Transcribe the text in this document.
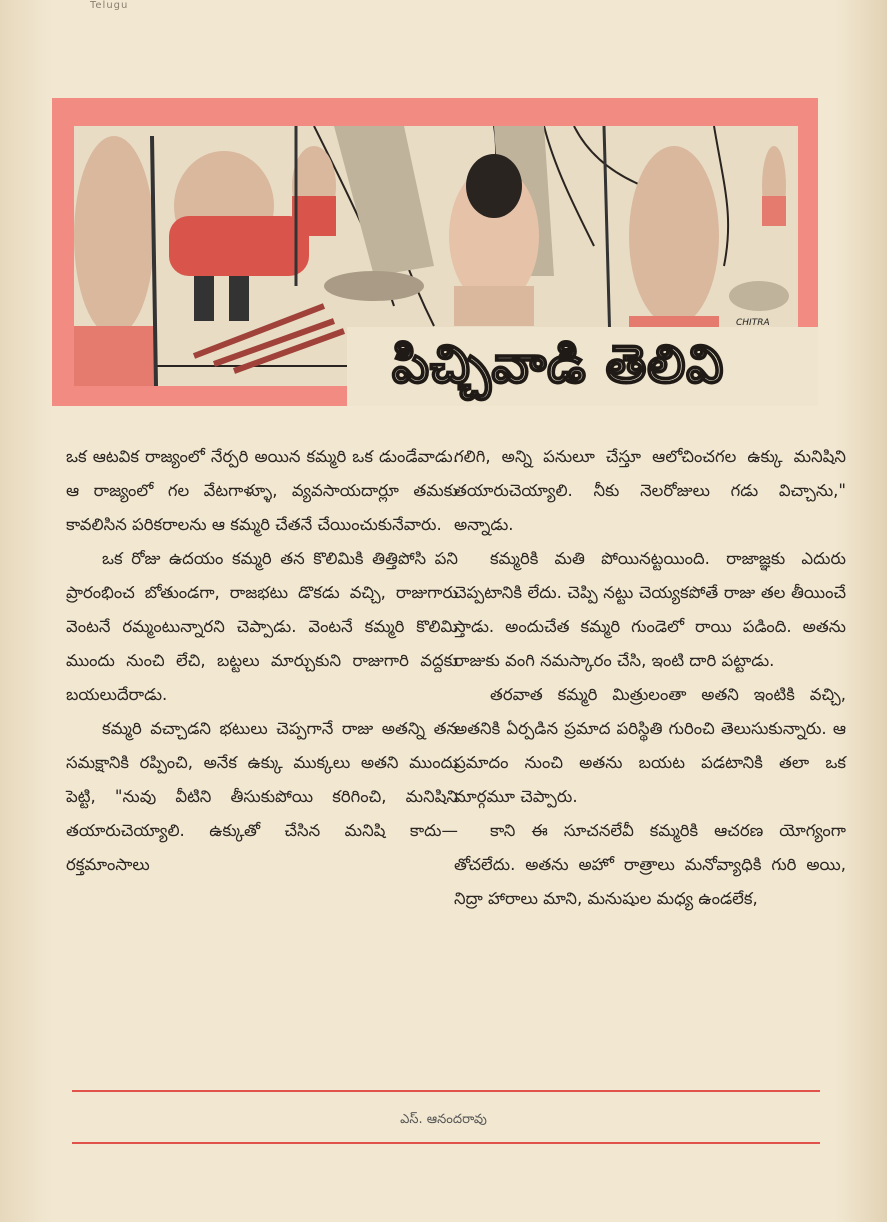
Telugu
పిచ్చివాడి తెలివి
CHITRA

ఒక ఆటవిక రాజ్యంలో నేర్పరి అయిన కమ్మరి ఒక డుండేవాడు. ఆ రాజ్యంలో గల వేటగాళ్ళూ, వ్యవసాయదార్లూ తమకు కావలిసిన పరికరాలను ఆ కమ్మరి చేతనే చేయించుకునేవారు.

ఒక రోజు ఉదయం కమ్మరి తన కొలిమికి తిత్తిపోసి పని ప్రారంభించ బోతుండగా, రాజభటు డొకడు వచ్చి, రాజుగారు వెంటనే రమ్మంటున్నారని చెప్పాడు. వెంటనే కమ్మరి కొలిమి ముందు నుంచి లేచి, బట్టలు మార్చుకుని రాజుగారి వద్దకు బయలుదేరాడు.

కమ్మరి వచ్చాడని భటులు చెప్పగానే రాజు అతన్ని తన సమక్షానికి రప్పించి, అనేక ఉక్కు ముక్కలు అతని ముందు పెట్టి, "నువు వీటిని తీసుకుపోయి కరిగించి, మనిషిని తయారుచెయ్యాలి. ఉక్కుతో చేసిన మనిషి కాదు—రక్తమాంసాలు

గలిగి, అన్ని పనులూ చేస్తూ ఆలోచించగల ఉక్కు మనిషిని తయారుచెయ్యాలి. నీకు నెలరోజులు గడు విచ్చాను," అన్నాడు.

కమ్మరికి మతి పోయినట్టయింది. రాజాజ్ఞకు ఎదురు చెప్పటానికి లేదు. చెప్పి నట్టు చెయ్యకపోతే రాజు తల తీయించే స్తాడు. అందుచేత కమ్మరి గుండెలో రాయి పడింది. అతను రాజుకు వంగి నమస్కారం చేసి, ఇంటి దారి పట్టాడు.

తరవాత కమ్మరి మిత్రులంతా అతని ఇంటికి వచ్చి, అతనికి ఏర్పడిన ప్రమాద పరిస్థితి గురించి తెలుసుకున్నారు. ఆ ప్రమాదం నుంచి అతను బయట పడటానికి తలా ఒక మార్గమూ చెప్పారు.

కాని ఈ సూచనలేవీ కమ్మరికి ఆచరణ యోగ్యంగా తోచలేదు. అతను అహో రాత్రాలు మనోవ్యాధికి గురి అయి, నిద్రా హారాలు మాని, మనుషుల మధ్య ఉండలేక,

ఎస్. ఆనందరావు
